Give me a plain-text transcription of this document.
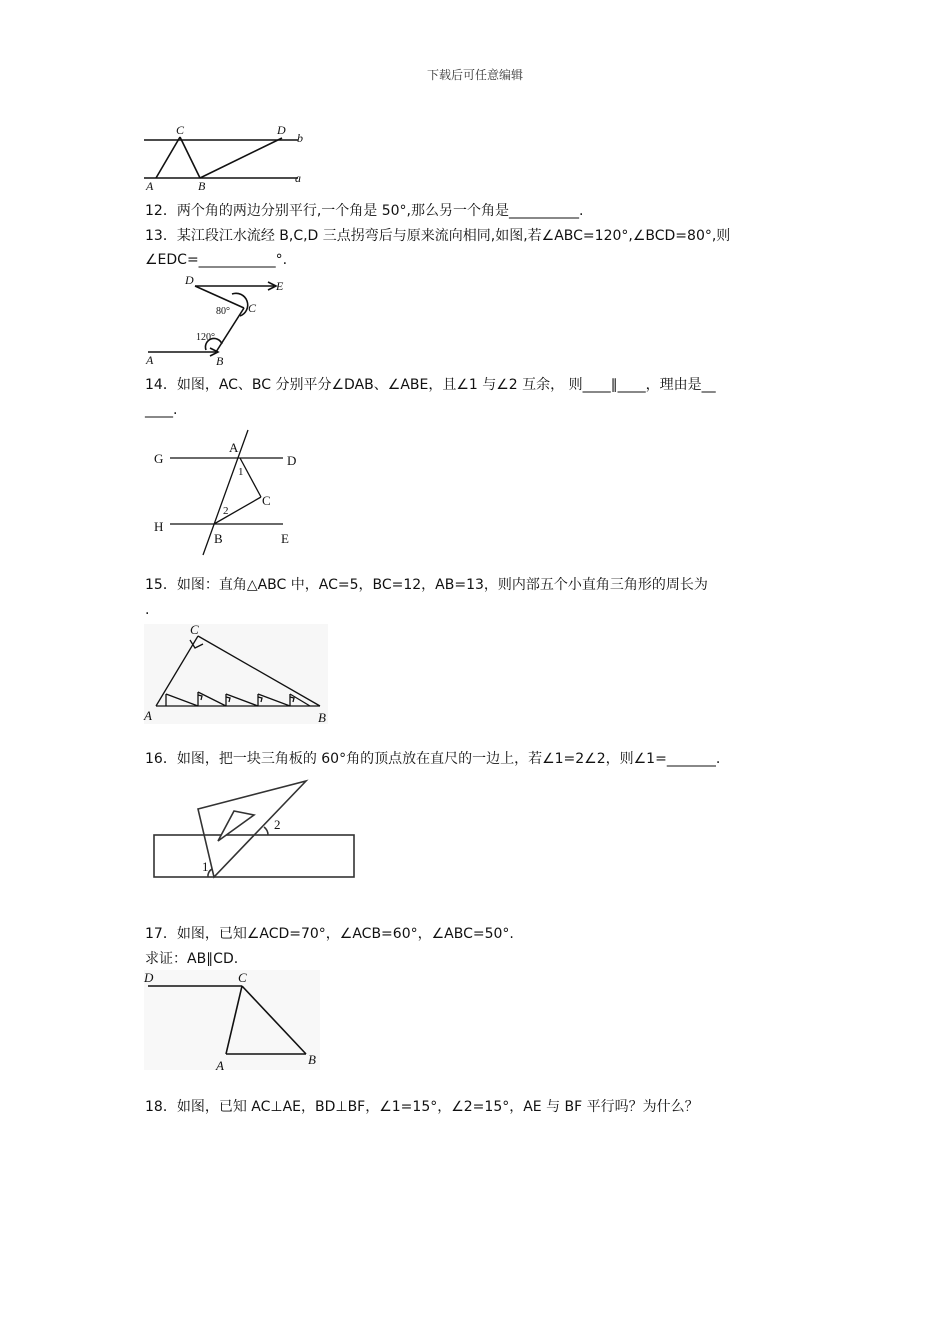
下载后可任意编辑
C	D
b
A	B
a
12．两个角的两边分别平行,一个角是 50°,那么另一个角是__________.
13．某江段江水流经 B,C,D 三点拐弯后与原来流向相同,如图,若∠ABC=120°,∠BCD=80°,则
∠EDC=___________°.
D	E
C
A	B
80°
120°
14．如图，AC、BC 分别平分∠DAB、∠ABE，且∠1 与∠2 互余， 则____∥____，理由是__
____.
G
A
D
1
C
2
H
B	E
15．如图：直角△ABC 中，AC=5，BC=12，AB=13，则内部五个小直角三角形的周长为
.
C
A	B
16．如图，把一块三角板的 60°角的顶点放在直尺的一边上，若∠1=2∠2，则∠1=_______.
2
1
17．如图，已知∠ACD=70°，∠ACB=60°，∠ABC=50°.
求证：AB∥CD.
D	C
A	B
18．如图，已知 AC⊥AE，BD⊥BF，∠1=15°，∠2=15°，AE 与 BF 平行吗？为什么？
